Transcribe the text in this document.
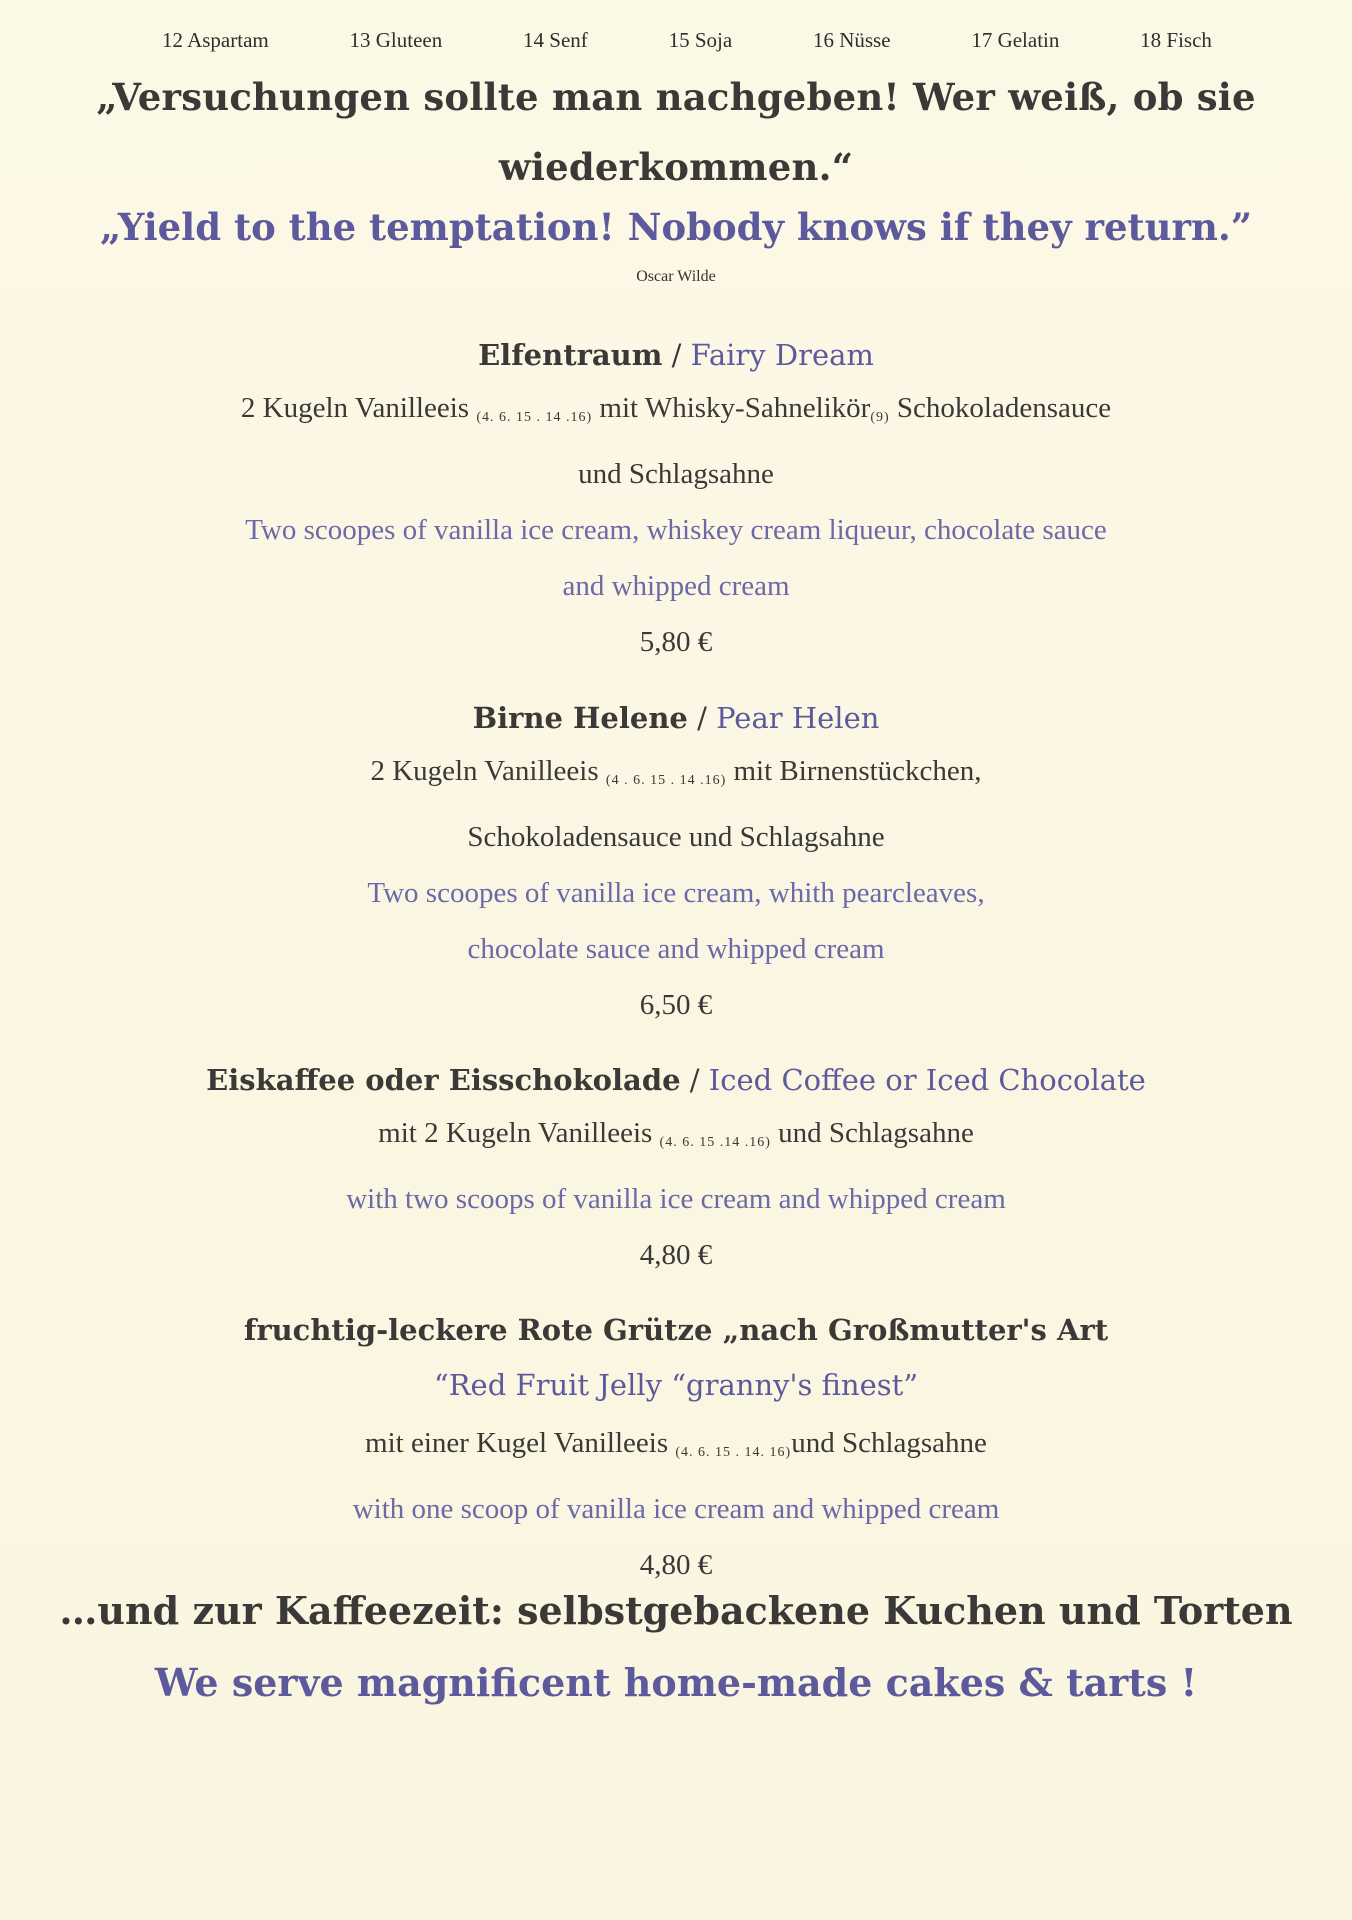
12 Aspartam	13 Gluteen	14 Senf	15 Soja	16 Nüsse	17 Gelatin	18 Fisch
„Versuchungen sollte man nachgeben! Wer weiß, ob sie
wiederkommen.“
„Yield to the temptation! Nobody knows if they return.”
Oscar Wilde
Elfentraum / Fairy Dream
2 Kugeln Vanilleeis $_{(4. 6. 15 . 14 .16)}$ mit Whisky-Sahnelikör$_{(9)}$ Schokoladensauce
und Schlagsahne
Two scoopes of vanilla ice cream, whiskey cream liqueur, chocolate sauce
and whipped cream
5,80 €
Birne Helene / Pear Helen
2 Kugeln Vanilleeis $_{(4 . 6. 15 . 14 .16)}$ mit Birnenstückchen,
Schokoladensauce und Schlagsahne
Two scoopes of vanilla ice cream, whith pearcleaves,
chocolate sauce and whipped cream
6,50 €
Eiskaffee oder Eisschokolade / Iced Coffee or Iced Chocolate
mit 2 Kugeln Vanilleeis $_{(4. 6. 15 .14 .16)}$ und Schlagsahne
with two scoops of vanilla ice cream and whipped cream
4,80 €
fruchtig-leckere Rote Grütze „nach Großmutter's Art
“Red Fruit Jelly “granny's finest”
mit einer Kugel Vanilleeis $_{(4. 6. 15 . 14. 16)}$und Schlagsahne
with one scoop of vanilla ice cream and whipped cream
4,80 €
…und zur Kaffeezeit: selbstgebackene Kuchen und Torten
We serve magnificent home-made cakes & tarts !
